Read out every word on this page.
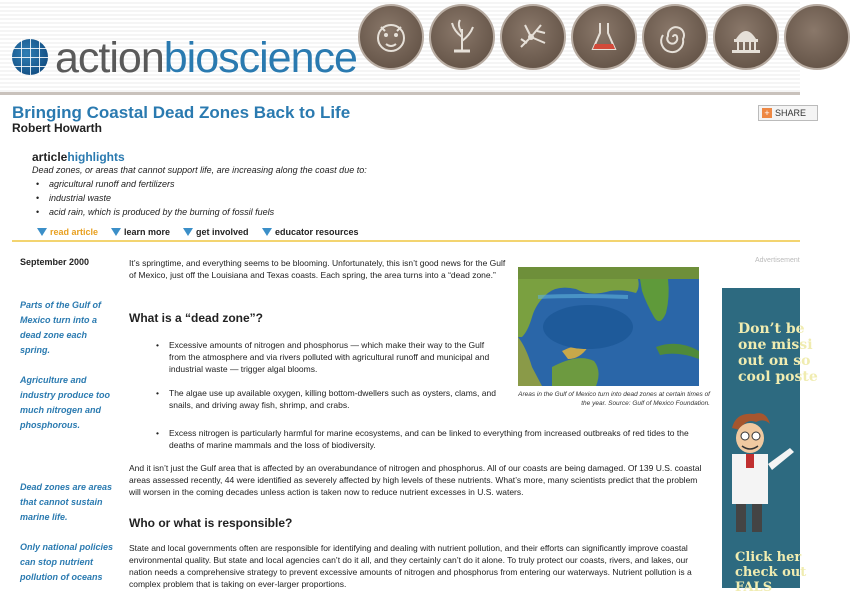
actionbioscience
Bringing Coastal Dead Zones Back to Life
Robert Howarth
+ SHARE
articlehighlights
Dead zones, or areas that cannot support life, are increasing along the coast due to:
• agricultural runoff and fertilizers
• industrial waste
• acid rain, which is produced by the burning of fossil fuels
read article	learn more	get involved	educator resources
September 2000
Parts of the Gulf of Mexico turn into a dead zone each spring.
Agriculture and industry produce too much nitrogen and phosphorous.
Dead zones are areas that cannot sustain marine life.
Only national policies can stop nutrient pollution of oceans
It’s springtime, and everything seems to be blooming. Unfortunately, this isn’t good news for the Gulf of Mexico, just off the Louisiana and Texas coasts. Each spring, the area turns into a “dead zone.”
What is a “dead zone”?
• Excessive amounts of nitrogen and phosphorus — which make their way to the Gulf from the atmosphere and via rivers polluted with agricultural runoff and municipal and industrial waste — trigger algal blooms.
• The algae use up available oxygen, killing bottom-dwellers such as oysters, clams, and snails, and driving away fish, shrimp, and crabs.
• Excess nitrogen is particularly harmful for marine ecosystems, and can be linked to everything from increased outbreaks of red tides to the deaths of marine mammals and the loss of biodiversity.
And it isn’t just the Gulf area that is affected by an overabundance of nitrogen and phosphorus. All of our coasts are being damaged. Of 139 U.S. coastal areas assessed recently, 44 were identified as severely affected by high levels of these nutrients. What’s more, many scientists predict that the problem will worsen in the coming decades unless action is taken now to reduce nutrient excesses in U.S. waters.
Who or what is responsible?
State and local governments often are responsible for identifying and dealing with nutrient pollution, and their efforts can significantly improve coastal environmental quality. But state and local agencies can’t do it all, and they certainly can’t do it alone. To truly protect our coasts, rivers, and lakes, our nation needs a comprehensive strategy to prevent excessive amounts of nitrogen and phosphorus from entering our waterways. Nutrient pollution is a complex problem that is taking on ever-larger proportions.
Areas in the Gulf of Mexico turn into dead zones at certain times of the year. Source: Gulf of Mexico Foundation.
Advertisement
Don’t be one missi out on so cool poste
Click her check out FALS
